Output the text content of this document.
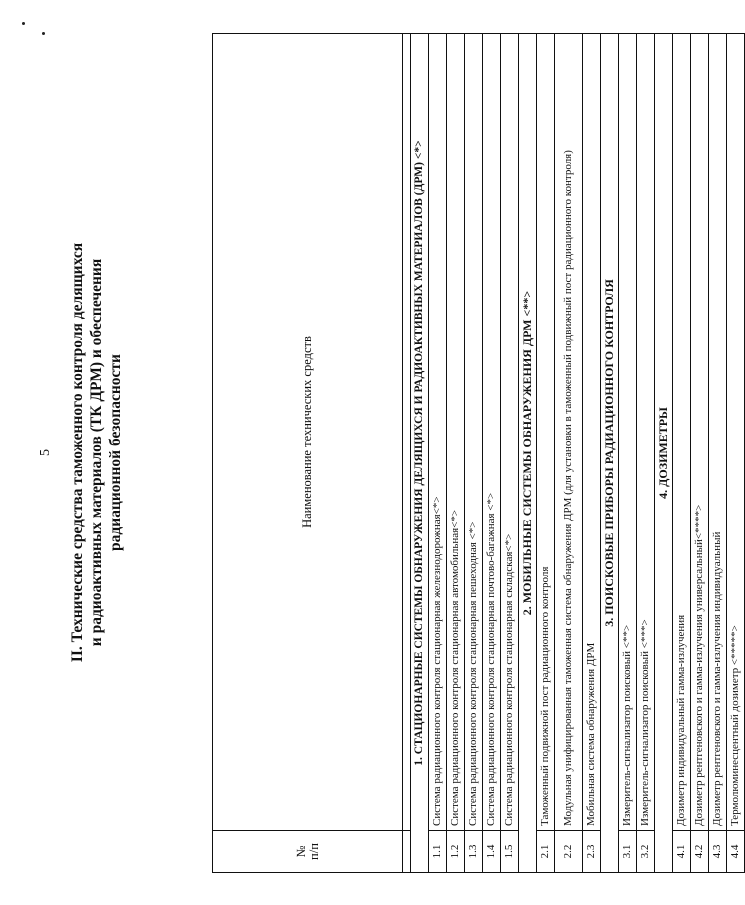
5 II. Технические средства таможенного контроля делящихся и радиоактивных материалов (ТК ДРМ) и обеспечения радиационной безопасности
№
п/п	Наименование технических средств

1. СТАЦИОНАРНЫЕ СИСТЕМЫ ОБНАРУЖЕНИЯ ДЕЛЯЩИХСЯ И РАДИОАКТИВНЫХ МАТЕРИАЛОВ (ДРМ) <*>	
1.1	Система радиационного контроля стационарная железнодорожная<*>
1.2	Система радиационного контроля стационарная автомобильная<*>
1.3	Система радиационного контроля стационарная пешеходная <*>
1.4	Система радиационного контроля стационарная почтово-багажная <*>
1.5	Система радиационного контроля стационарная складская<*>
2. МОБИЛЬНЫЕ СИСТЕМЫ ОБНАРУЖЕНИЯ ДРМ <**>	
2.1	Таможенный подвижной пост радиационного контроля
2.2	Модульная унифицированная таможенная система обнаружения ДРМ (для установки в таможенный подвижный пост радиационного контроля)
2.3	Мобильная система обнаружения ДРМ
3. ПОИСКОВЫЕ ПРИБОРЫ РАДИАЦИОННОГО КОНТРОЛЯ	
3.1	Измеритель-сигнализатор поисковый <**>
3.2	Измеритель-сигнализатор поисковый <***>
4. ДОЗИМЕТРЫ	
4.1	Дозиметр индивидуальный гамма-излучения
4.2	Дозиметр рентгеновского и гамма-излучения универсальный<****>
4.3	Дозиметр рентгеновского и гамма-излучения индивидуальный
4.4	Термолюминесцентный дозиметр <*****>
